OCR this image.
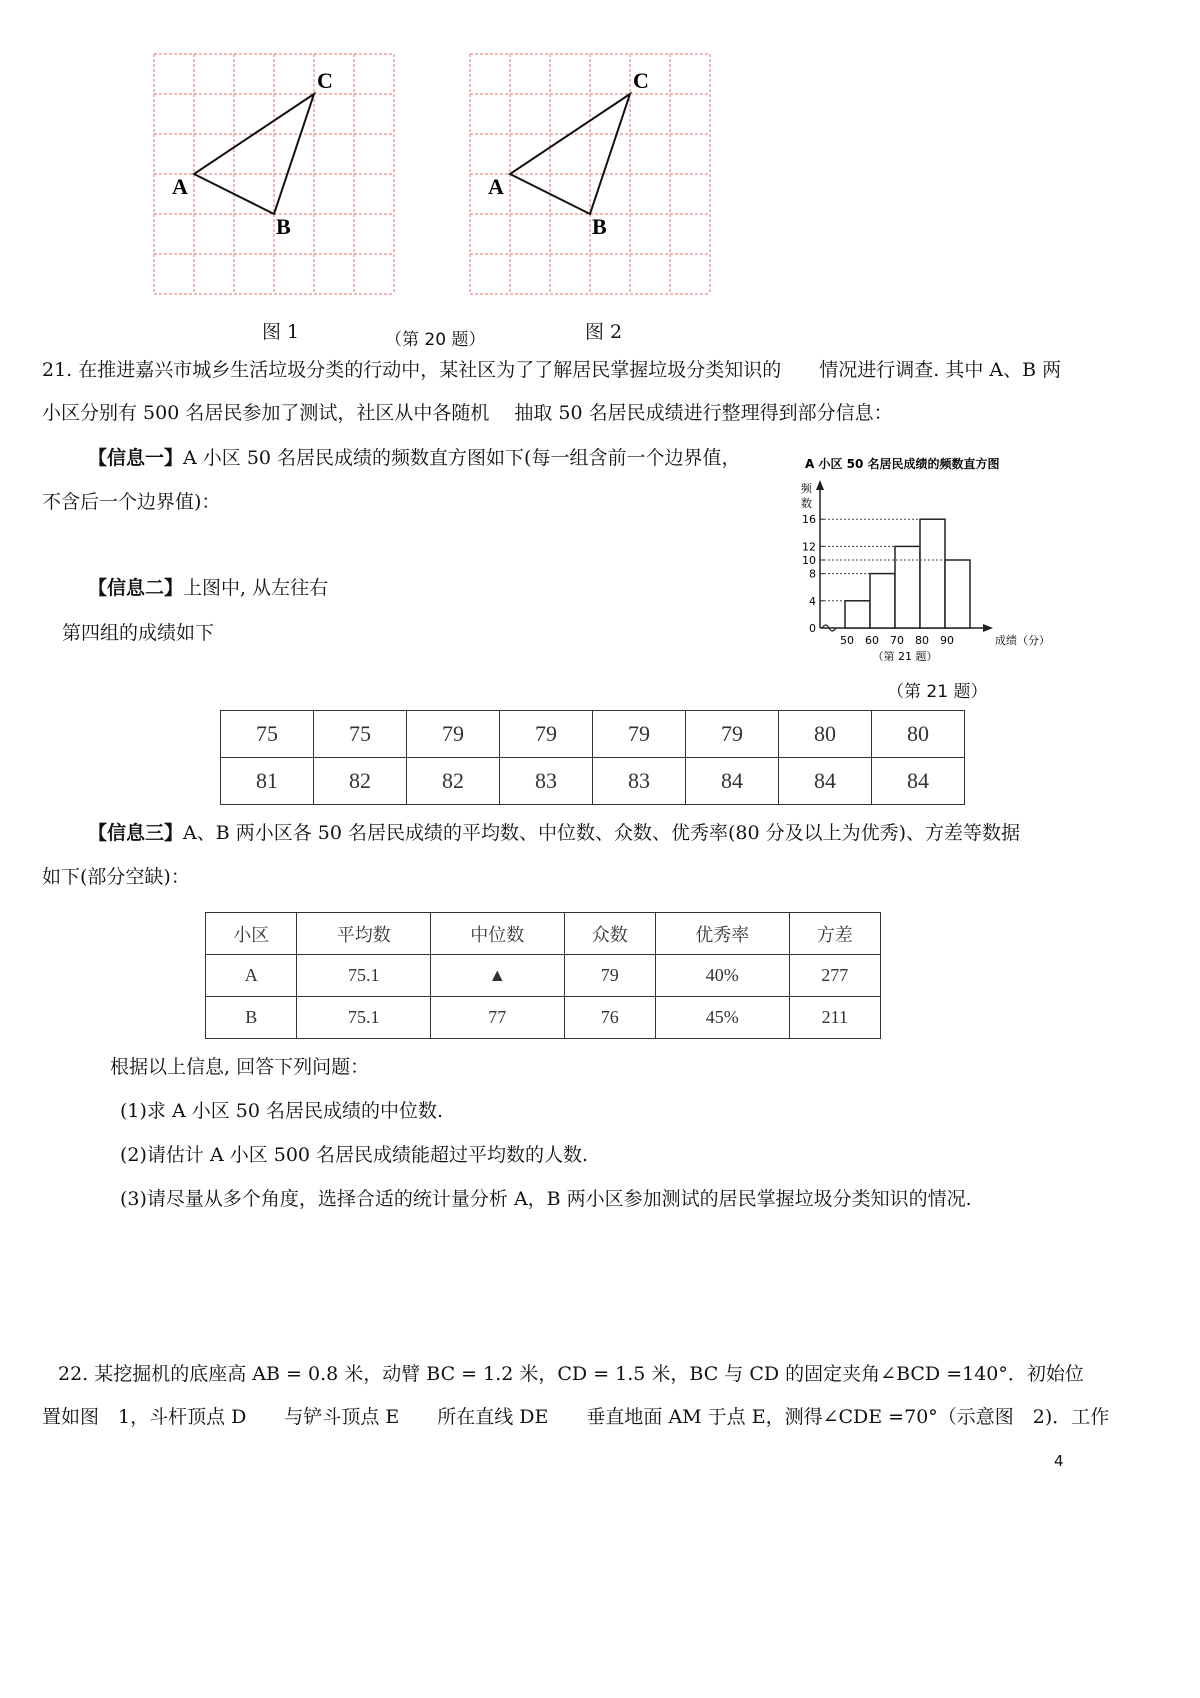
A
B
C
A
B
C
图 1	（第 20 题）	图 2
21. 在推进嘉兴市城乡生活垃圾分类的行动中，某社区为了了解居民掌握垃圾分类知识的　　情况进行调查. 其中 A、B 两
小区分别有 500 名居民参加了测试，社区从中各随机　 抽取 50 名居民成绩进行整理得到部分信息：
【信息一】A 小区 50 名居民成绩的频数直方图如下(每一组含前一个边界值，
不含后一个边界值)：
【信息二】上图中, 从左往右
第四组的成绩如下
A 小区 50 名居民成绩的频数直方图
频
数
0
4
8
10
12
16
50 60 70 80 90	成绩（分）
（第 21 题）
（第 21 题）
75	75	79	79	79	79	80	80
81	82	82	83	83	84	84	84
【信息三】A、B 两小区各 50 名居民成绩的平均数、中位数、众数、优秀率(80 分及以上为优秀)、方差等数据
如下(部分空缺)：
小区	平均数	中位数	众数	优秀率	方差
A	75.1	▲	79	40%	277
B	75.1	77	76	45%	211
根据以上信息, 回答下列问题：
(1)求 A 小区 50 名居民成绩的中位数.
(2)请估计 A 小区 500 名居民成绩能超过平均数的人数.
(3)请尽量从多个角度，选择合适的统计量分析 A，B 两小区参加测试的居民掌握垃圾分类知识的情况.
22. 某挖掘机的底座高 AB = 0.8 米，动臂 BC = 1.2 米，CD = 1.5 米，BC 与 CD 的固定夹角∠BCD =140°．初始位
置如图　1，斗杆顶点 D　　与铲斗顶点 E　　所在直线 DE　　垂直地面 AM 于点 E，测得∠CDE =70°（示意图　2)．工作
4
